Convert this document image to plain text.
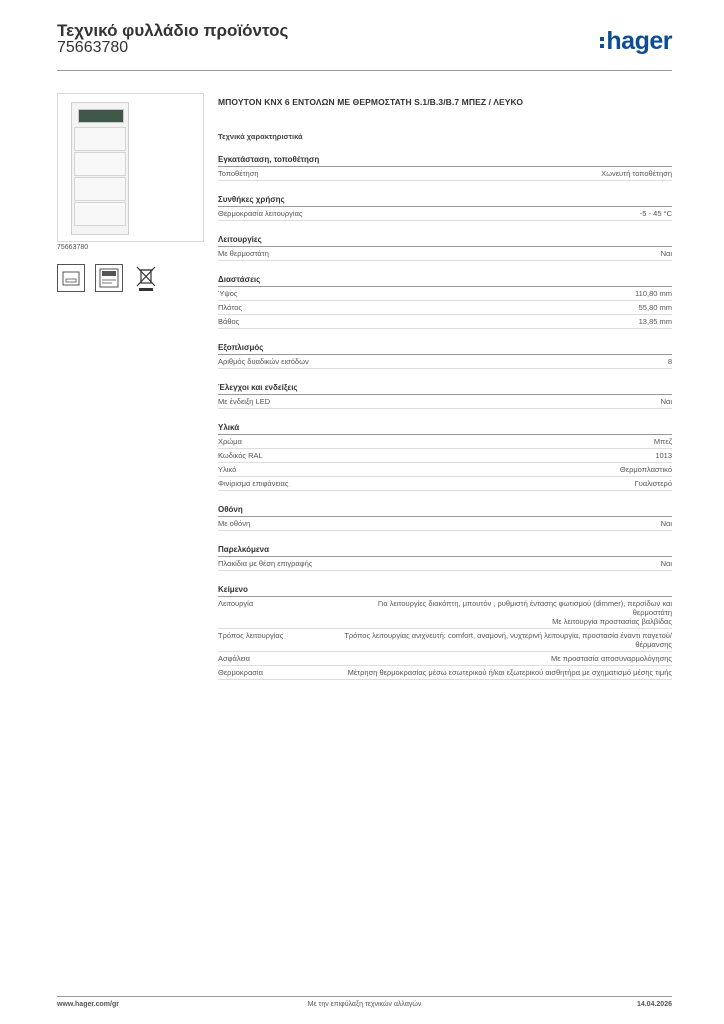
Τεχνικό φυλλάδιο προϊόντος
75663780	hager
75663780
ΜΠΟΥΤΟΝ KNX 6 ΕΝΤΟΛΩΝ ΜΕ ΘΕΡΜΟΣΤΑΤΗ S.1/B.3/B.7 ΜΠΕΖ / ΛΕΥΚΟ
Τεχνικά χαρακτηριστικά
Εγκατάσταση, τοποθέτηση
Τοποθέτηση	Χωνευτή τοποθέτηση
Συνθήκες χρήσης
Θερμοκρασία λειτουργίας	-5 - 45 °C
Λειτουργίες
Με θερμοστάτη	Ναι
Διαστάσεις
Ύψος	110,80 mm
Πλάτος	55,80 mm
Βάθος	13,85 mm
Εξοπλισμός
Αριθμός δυαδικών εισόδων	8
Έλεγχοι και ενδείξεις
Με ένδειξη LED	Ναι
Υλικά
Χρώμα	Μπεζ
Κωδικός RAL	1013
Υλικό	Θερμοπλαστικό
Φινίρισμα επιφάνειας	Γυαλιστερό
Οθόνη
Με οθόνη	Ναι
Παρελκόμενα
Πλακίδια με θέση επιγραφής	Ναι
Κείμενο
Λειτουργία	Για λειτουργίες διακόπτη, μπουτόν , ρυθμιστή έντασης φωτισμού (dimmer), περσίδων και θερμοστάτη
Με λειτουργία προστασίας βαλβίδας
Τρόπος λειτουργίας	Τρόπος λειτουργίας ανιχνευτή: comfort, αναμονή, νυχτερινή λειτουργία, προστασία έναντι παγετού/θέρμανσης
Ασφάλεια	Με προστασία αποσυναρμολόγησης
Θερμοκρασία	Μέτρηση θερμοκρασίας μέσω εσωτερικού ή/και εξωτερικού αισθητήρα με σχηματισμό μέσης τιμής
www.hager.com/gr	Με την επιφύλαξη τεχνικών αλλαγών	14.04.2026
